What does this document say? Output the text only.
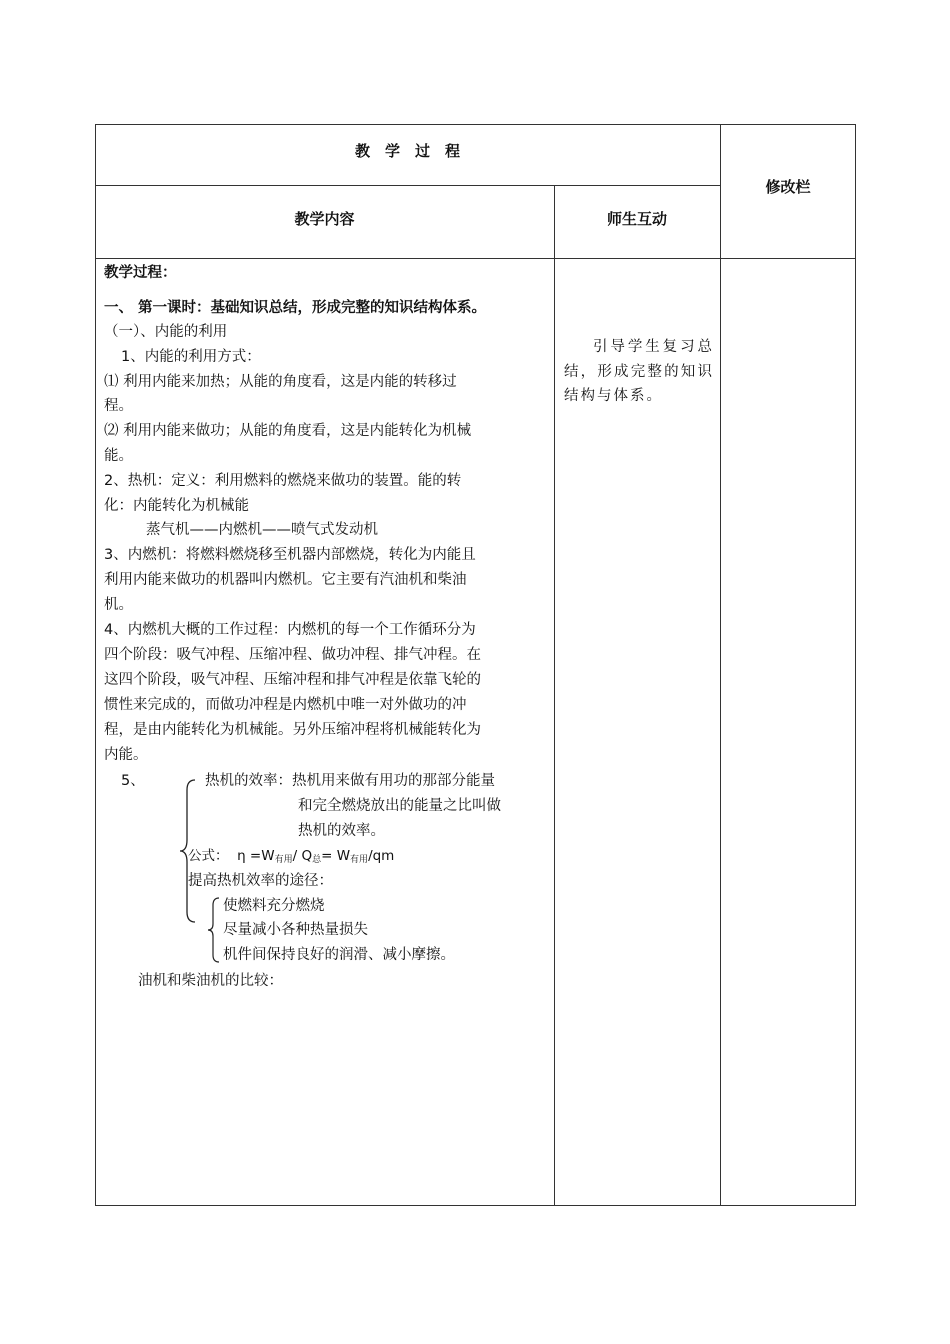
教　学　过　程
修改栏
教学内容	师生互动
教学过程：
一、 第一课时：基础知识总结，形成完整的知识结构体系。
（一）、内能的利用
1、内能的利用方式：
⑴ 利用内能来加热；从能的角度看，这是内能的转移过
程。
⑵ 利用内能来做功；从能的角度看，这是内能转化为机械
能。
2、热机：定义：利用燃料的燃烧来做功的装置。能的转
化：内能转化为机械能
蒸气机——内燃机——喷气式发动机
3、内燃机：将燃料燃烧移至机器内部燃烧，转化为内能且
利用内能来做功的机器叫内燃机。它主要有汽油机和柴油
机。
4、内燃机大概的工作过程：内燃机的每一个工作循环分为
四个阶段：吸气冲程、压缩冲程、做功冲程、排气冲程。在
这四个阶段，吸气冲程、压缩冲程和排气冲程是依靠飞轮的
惯性来完成的，而做功冲程是内燃机中唯一对外做功的冲
程，是由内能转化为机械能。另外压缩冲程将机械能转化为
内能。
5、	热机的效率：热机用来做有用功的那部分能量
和完全燃烧放出的能量之比叫做
热机的效率。
公式：  $\eta =W_{有用}/$ $Q_总= W_{有用}/qm$
提高热机效率的途径：
使燃料充分燃烧
尽量减小各种热量损失
机件间保持良好的润滑、减小摩擦。
油机和柴油机的比较：
引导学生复习总结，形成完整的知识结构与体系。
